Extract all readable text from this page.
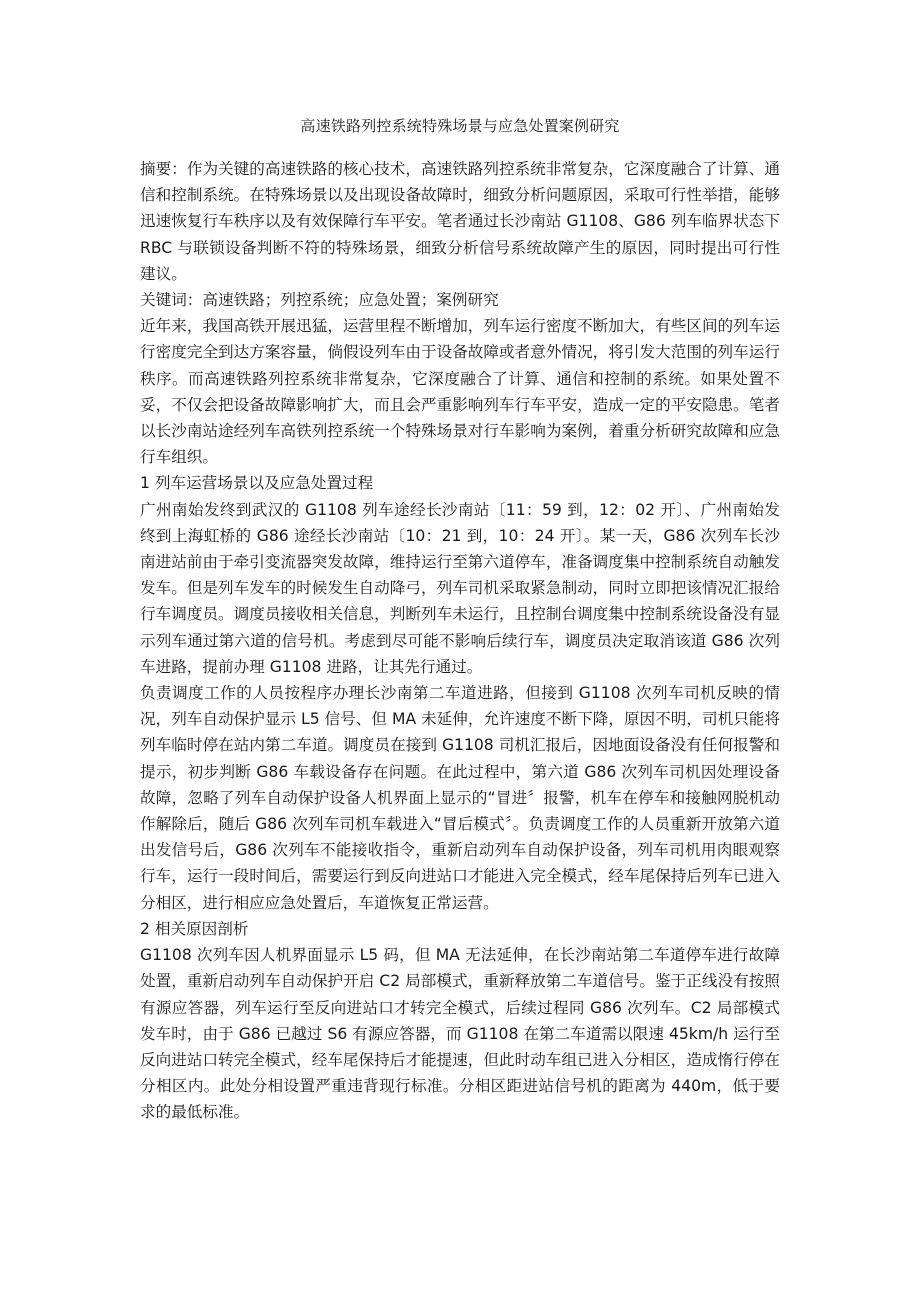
高速铁路列控系统特殊场景与应急处置案例研究

摘要：作为关键的高速铁路的核心技术，高速铁路列控系统非常复杂，它深度融合了计算、通信和控制系统。在特殊场景以及出现设备故障时，细致分析问题原因，采取可行性举措，能够迅速恢复行车秩序以及有效保障行车平安。笔者通过长沙南站 G1108、G86 列车临界状态下 RBC 与联锁设备判断不符的特殊场景，细致分析信号系统故障产生的原因，同时提出可行性建议。

关键词：高速铁路；列控系统；应急处置；案例研究

近年来，我国高铁开展迅猛，运营里程不断增加，列车运行密度不断加大，有些区间的列车运行密度完全到达方案容量，倘假设列车由于设备故障或者意外情况，将引发大范围的列车运行秩序。而高速铁路列控系统非常复杂，它深度融合了计算、通信和控制的系统。如果处置不妥，不仅会把设备故障影响扩大，而且会严重影响列车行车平安，造成一定的平安隐患。笔者以长沙南站途经列车高铁列控系统一个特殊场景对行车影响为案例，着重分析研究故障和应急行车组织。

1 列车运营场景以及应急处置过程

广州南始发终到武汉的 G1108 列车途经长沙南站〔11：59 到，12：02 开〕、广州南始发终到上海虹桥的 G86 途经长沙南站〔10：21 到，10：24 开〕。某一天，G86 次列车长沙南进站前由于牵引变流器突发故障，维持运行至第六道停车，准备调度集中控制系统自动触发发车。但是列车发车的时候发生自动降弓，列车司机采取紧急制动，同时立即把该情况汇报给行车调度员。调度员接收相关信息，判断列车未运行，且控制台调度集中控制系统设备没有显示列车通过第六道的信号机。考虑到尽可能不影响后续行车，调度员决定取消该道 G86 次列车进路，提前办理 G1108 进路，让其先行通过。

负责调度工作的人员按程序办理长沙南第二车道进路，但接到 G1108 次列车司机反映的情况，列车自动保护显示 L5 信号、但 MA 未延伸，允许速度不断下降，原因不明，司机只能将列车临时停在站内第二车道。调度员在接到 G1108 司机汇报后，因地面设备没有任何报警和提示，初步判断 G86 车载设备存在问题。在此过程中，第六道 G86 次列车司机因处理设备故障，忽略了列车自动保护设备人机界面上显示的“冒进〞报警，机车在停车和接触网脱机动作解除后，随后 G86 次列车司机车载进入“冒后模式〞。负责调度工作的人员重新开放第六道出发信号后，G86 次列车不能接收指令，重新启动列车自动保护设备，列车司机用肉眼观察行车，运行一段时间后，需要运行到反向进站口才能进入完全模式，经车尾保持后列车已进入分相区，进行相应应急处置后，车道恢复正常运营。

2 相关原因剖析

G1108 次列车因人机界面显示 L5 码，但 MA 无法延伸，在长沙南站第二车道停车进行故障处置，重新启动列车自动保护开启 C2 局部模式，重新释放第二车道信号。鉴于正线没有按照有源应答器，列车运行至反向进站口才转完全模式，后续过程同 G86 次列车。C2 局部模式发车时，由于 G86 已越过 S6 有源应答器，而 G1108 在第二车道需以限速 45km/h 运行至反向进站口转完全模式，经车尾保持后才能提速，但此时动车组已进入分相区，造成惰行停在分相区内。此处分相设置严重违背现行标准。分相区距进站信号机的距离为 440m，低于要求的最低标准。
